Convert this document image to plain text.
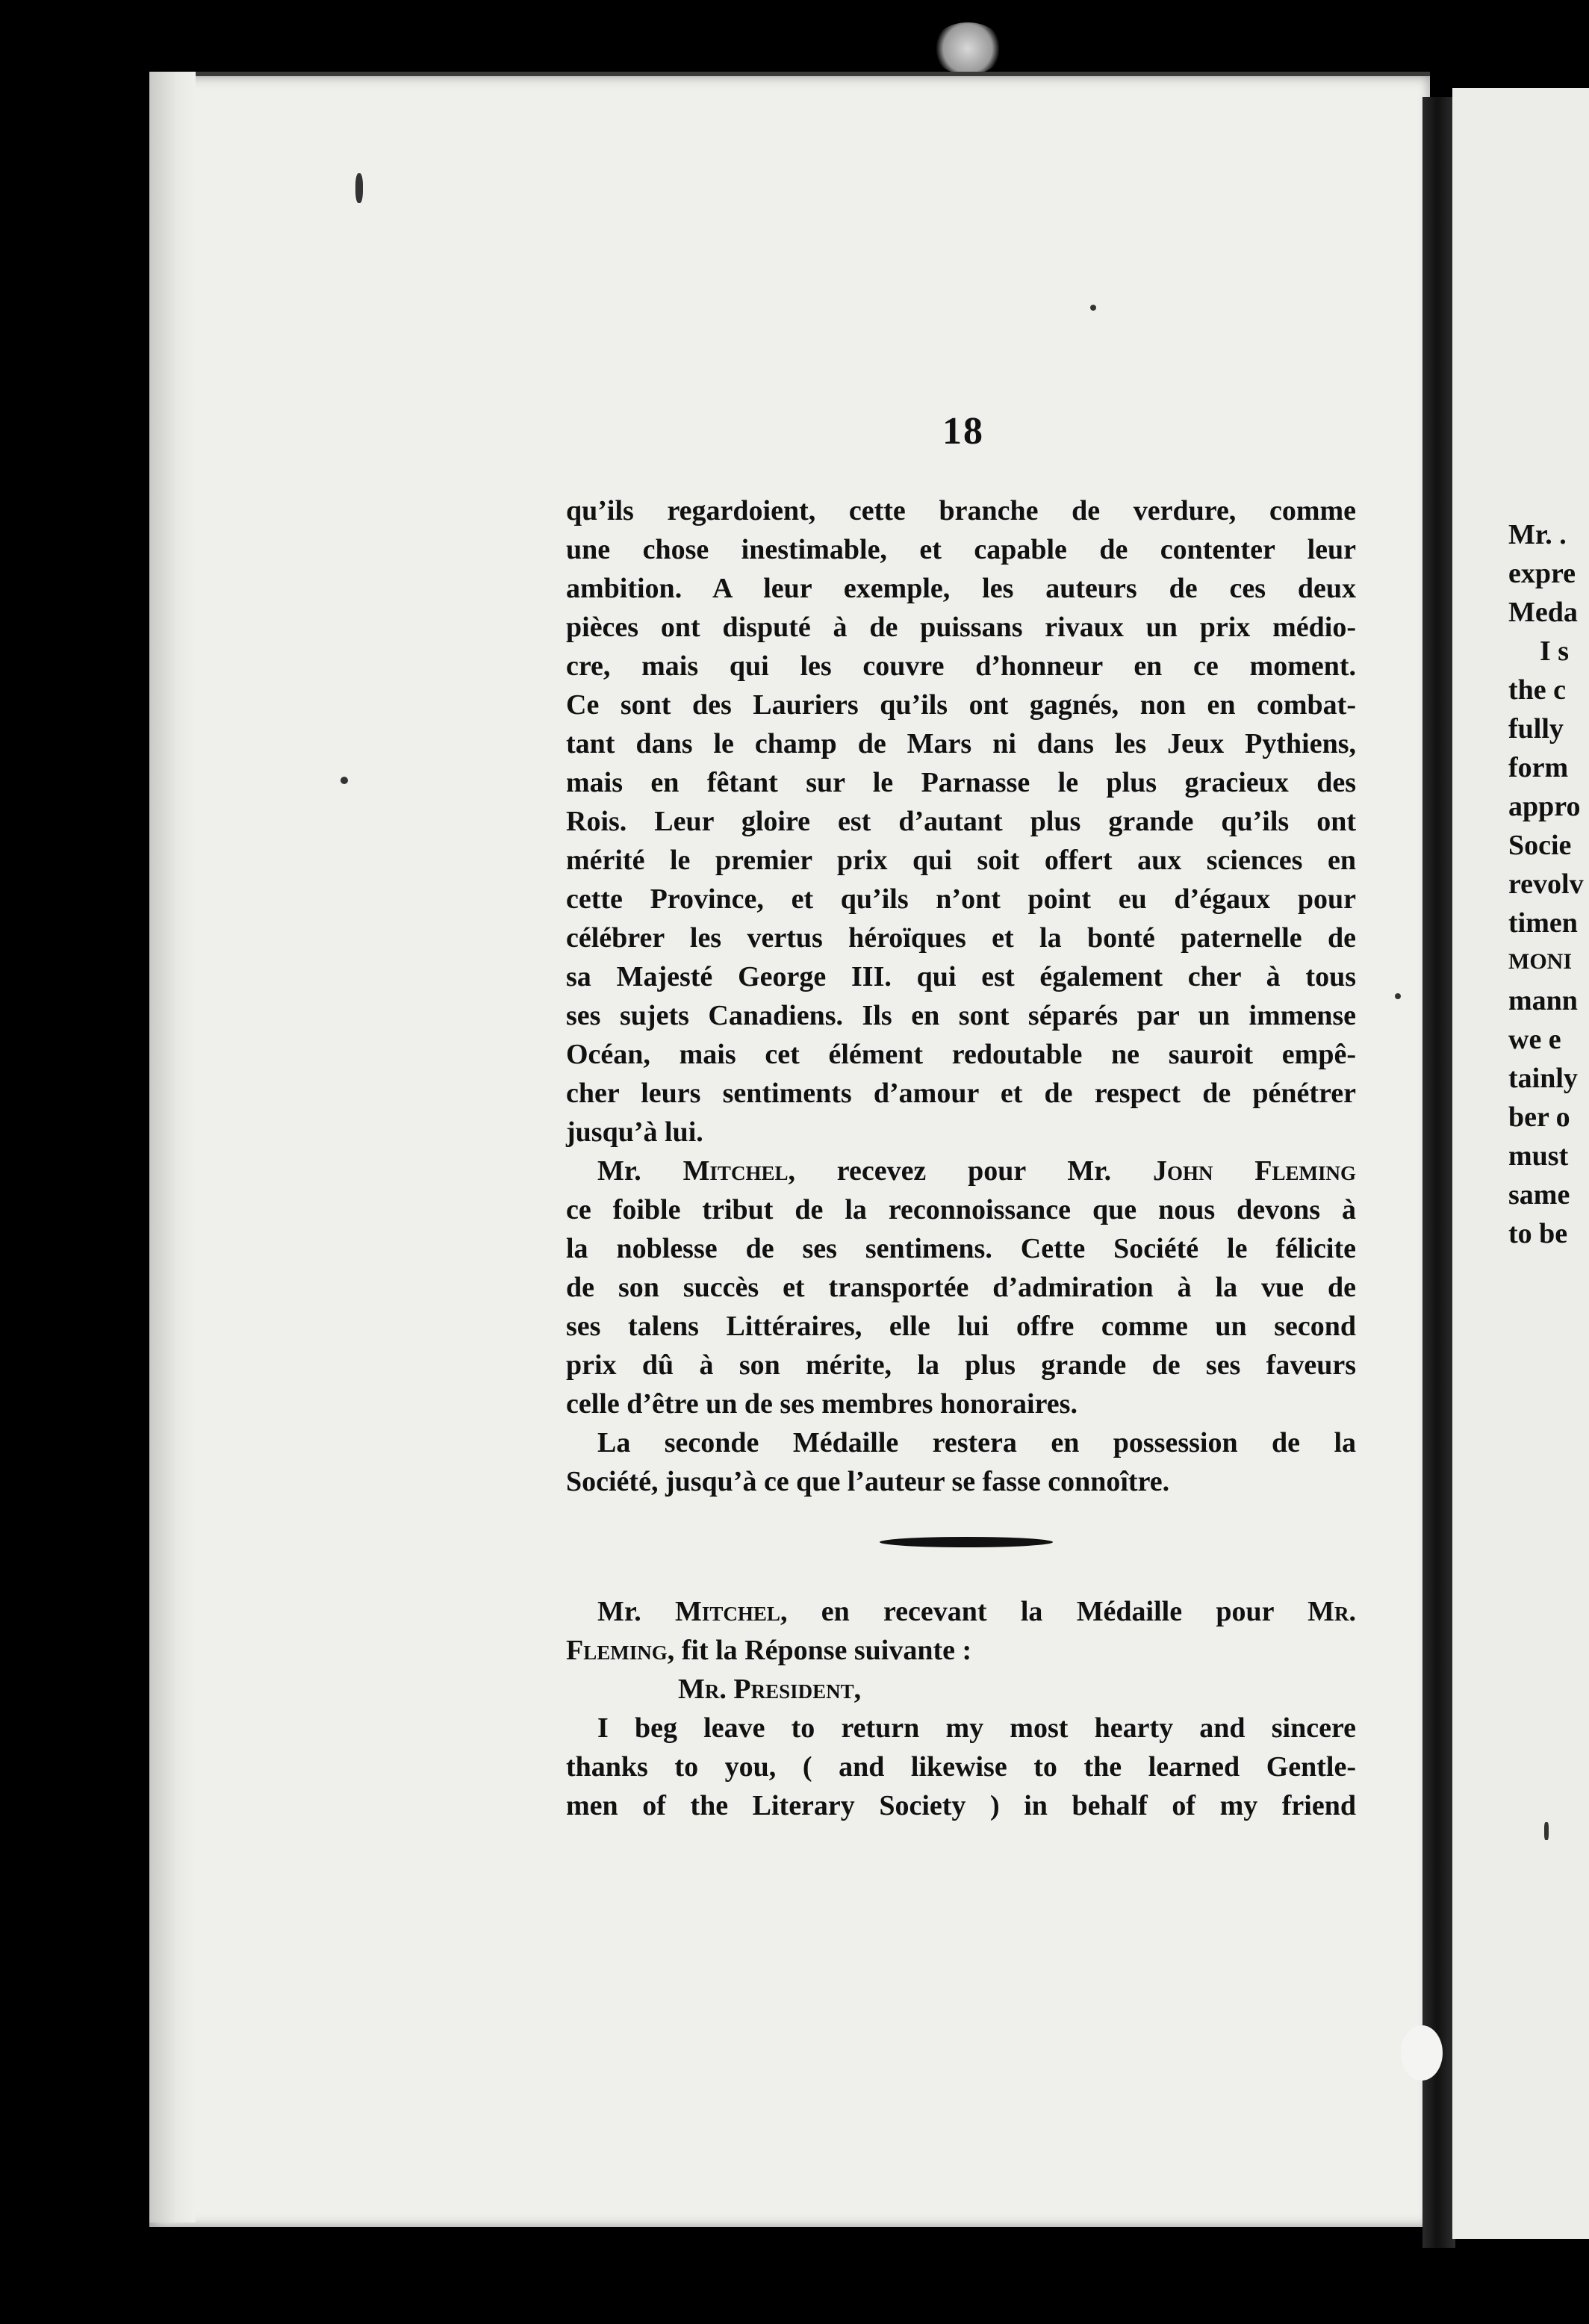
18
qu’ils regardoient, cette branche de verdure, comme
une chose inestimable, et capable de contenter leur
ambition. A leur exemple, les auteurs de ces deux
pièces ont disputé à de puissans rivaux un prix médio-
cre, mais qui les couvre d’honneur en ce moment.
Ce sont des Lauriers qu’ils ont gagnés, non en combat-
tant dans le champ de Mars ni dans les Jeux Pythiens,
mais en fêtant sur le Parnasse le plus gracieux des
Rois. Leur gloire est d’autant plus grande qu’ils ont
mérité le premier prix qui soit offert aux sciences en
cette Province, et qu’ils n’ont point eu d’égaux pour
célébrer les vertus héroïques et la bonté paternelle de
sa Majesté George III. qui est également cher à tous
ses sujets Canadiens. Ils en sont séparés par un immense
Océan, mais cet élément redoutable ne sauroit empê-
cher leurs sentiments d’amour et de respect de pénétrer
jusqu’à lui.
Mr. Mitchel, recevez pour Mr. John Fleming
ce foible tribut de la reconnoissance que nous devons à
la noblesse de ses sentimens. Cette Société le félicite
de son succès et transportée d’admiration à la vue de
ses talens Littéraires, elle lui offre comme un second
prix dû à son mérite, la plus grande de ses faveurs
celle d’être un de ses membres honoraires.
La seconde Médaille restera en possession de la
Société, jusqu’à ce que l’auteur se fasse connoître.
Mr. Mitchel, en recevant la Médaille pour Mr.
Fleming, fit la Réponse suivante :
Mr. President,
I beg leave to return my most hearty and sincere
thanks to you, ( and likewise to the learned Gentle-
men of the Literary Society ) in behalf of my friend
Mr. .
expre
Meda
I s
the c
fully
form
appro
Socie
revolv
timen
MONI
mann
we e
tainly
ber o
must
same
to be
